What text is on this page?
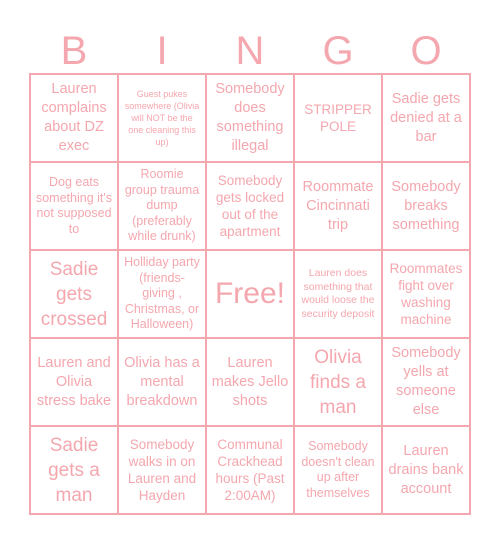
B	I	N	G	O
Lauren complains about DZ exec
Guest pukes somewhere (Olivia will NOT be the one cleaning this up)
Somebody does something illegal
STRIPPER POLE
Sadie gets denied at a bar
Dog eats something it's not supposed to
Roomie group trauma dump (preferably while drunk)
Somebody gets locked out of the apartment
Roommate Cincinnati trip
Somebody breaks something
Sadie gets crossed
Holliday party (friends-giving , Christmas, or Halloween)
Free!
Lauren does something that would loose the security deposit
Roommates fight over washing machine
Lauren and Olivia stress bake
Olivia has a mental breakdown
Lauren makes Jello shots
Olivia finds a man
Somebody yells at someone else
Sadie gets a man
Somebody walks in on Lauren and Hayden
Communal Crackhead hours (Past 2:00AM)
Somebody doesn't clean up after themselves
Lauren drains bank account
